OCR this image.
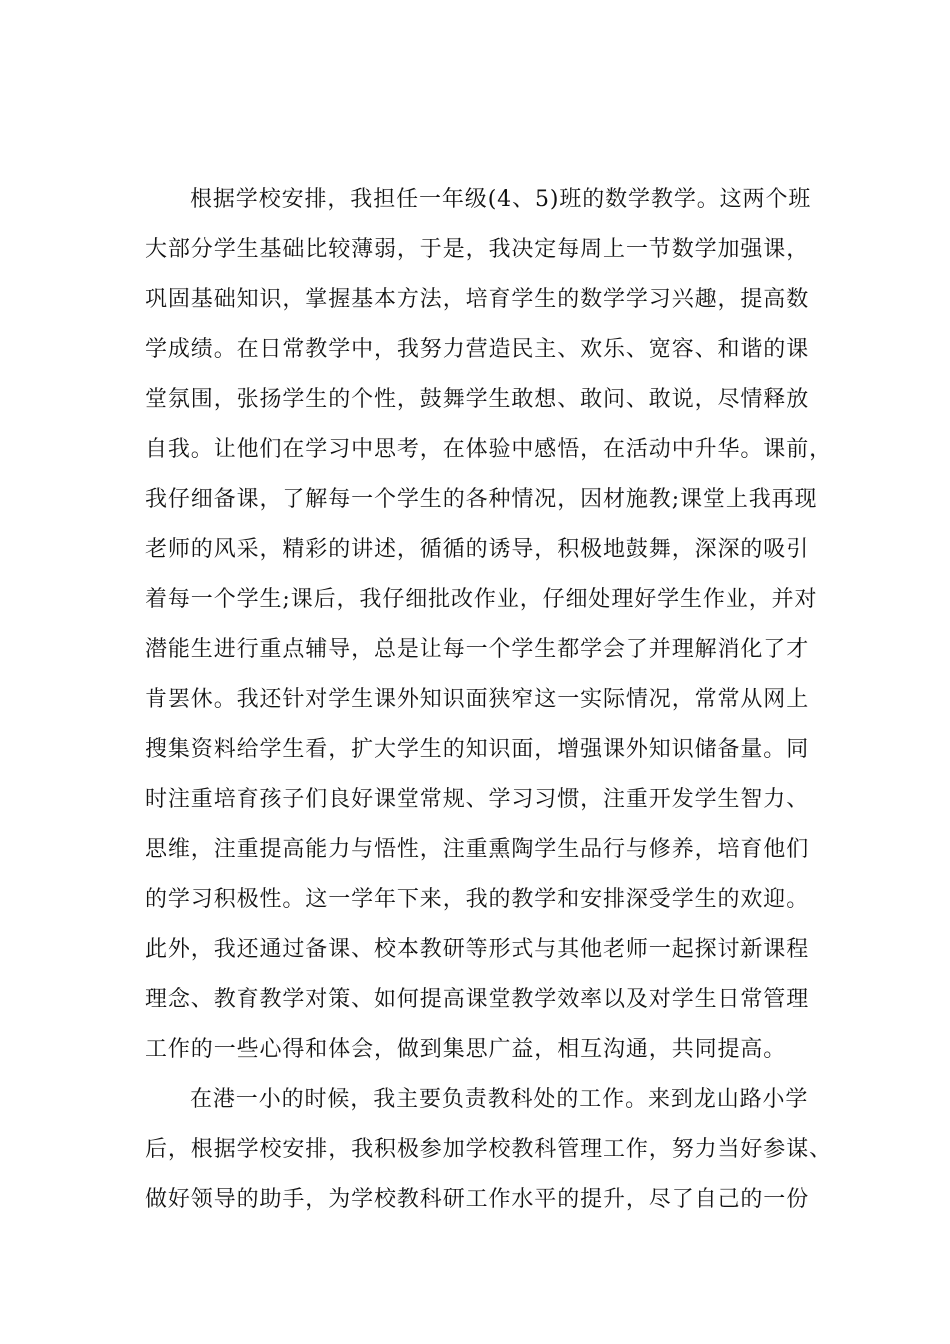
根据学校安排，我担任一年级(4、5)班的数学教学。这两个班
大部分学生基础比较薄弱，于是，我决定每周上一节数学加强课，
巩固基础知识，掌握基本方法，培育学生的数学学习兴趣，提高数
学成绩。在日常教学中，我努力营造民主、欢乐、宽容、和谐的课
堂氛围，张扬学生的个性，鼓舞学生敢想、敢问、敢说，尽情释放
自我。让他们在学习中思考，在体验中感悟，在活动中升华。课前，
我仔细备课，了解每一个学生的各种情况，因材施教;课堂上我再现
老师的风采，精彩的讲述，循循的诱导，积极地鼓舞，深深的吸引
着每一个学生;课后，我仔细批改作业，仔细处理好学生作业，并对
潜能生进行重点辅导，总是让每一个学生都学会了并理解消化了才
肯罢休。我还针对学生课外知识面狭窄这一实际情况，常常从网上
搜集资料给学生看，扩大学生的知识面，增强课外知识储备量。同
时注重培育孩子们良好课堂常规、学习习惯，注重开发学生智力、
思维，注重提高能力与悟性，注重熏陶学生品行与修养，培育他们
的学习积极性。这一学年下来，我的教学和安排深受学生的欢迎。
此外，我还通过备课、校本教研等形式与其他老师一起探讨新课程
理念、教育教学对策、如何提高课堂教学效率以及对学生日常管理
工作的一些心得和体会，做到集思广益，相互沟通，共同提高。
在港一小的时候，我主要负责教科处的工作。来到龙山路小学
后，根据学校安排，我积极参加学校教科管理工作，努力当好参谋、
做好领导的助手，为学校教科研工作水平的提升，尽了自己的一份
